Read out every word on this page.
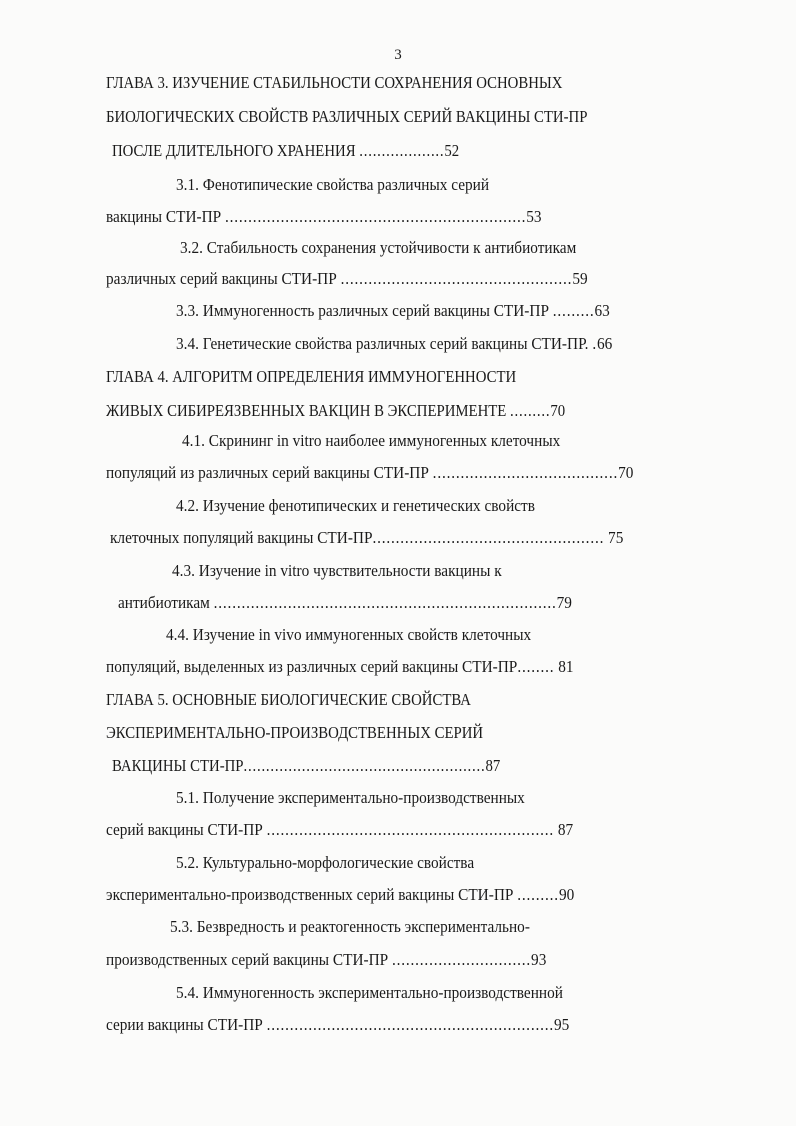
3
ГЛАВА 3. ИЗУЧЕНИЕ СТАБИЛЬНОСТИ СОХРАНЕНИЯ ОСНОВНЫХ
БИОЛОГИЧЕСКИХ СВОЙСТВ РАЗЛИЧНЫХ СЕРИЙ ВАКЦИНЫ СТИ-ПР
ПОСЛЕ ДЛИТЕЛЬНОГО ХРАНЕНИЯ ...................52
3.1. Фенотипические свойства различных серий
вакцины СТИ-ПР .................................................................53
3.2. Стабильность сохранения устойчивости к антибиотикам
различных серий вакцины СТИ-ПР ..................................................59
3.3. Иммуногенность различных серий вакцины СТИ-ПР .........63
3.4. Генетические свойства различных серий вакцины СТИ-ПР. .66
ГЛАВА 4. АЛГОРИТМ ОПРЕДЕЛЕНИЯ ИММУНОГЕННОСТИ
ЖИВЫХ СИБИРЕЯЗВЕННЫХ ВАКЦИН В ЭКСПЕРИМЕНТЕ .........70
4.1. Скрининг in vitro наиболее иммуногенных клеточных
популяций из различных серий вакцины СТИ-ПР ........................................70
4.2. Изучение фенотипических и генетических свойств
клеточных популяций вакцины СТИ-ПР.................................................. 75
4.3. Изучение in vitro чувствительности вакцины к
антибиотикам ..........................................................................79
4.4. Изучение in vivo иммуногенных свойств клеточных
популяций, выделенных из различных серий вакцины СТИ-ПР........ 81
ГЛАВА 5. ОСНОВНЫЕ БИОЛОГИЧЕСКИЕ СВОЙСТВА
ЭКСПЕРИМЕНТАЛЬНО-ПРОИЗВОДСТВЕННЫХ СЕРИЙ
ВАКЦИНЫ СТИ-ПР......................................................87
5.1. Получение экспериментально-производственных
серий вакцины СТИ-ПР .............................................................. 87
5.2. Культурально-морфологические свойства
экспериментально-производственных серий вакцины СТИ-ПР .........90
5.3. Безвредность и реактогенность экспериментально-
производственных серий вакцины СТИ-ПР ..............................93
5.4. Иммуногенность экспериментально-производственной
серии вакцины СТИ-ПР ..............................................................95
